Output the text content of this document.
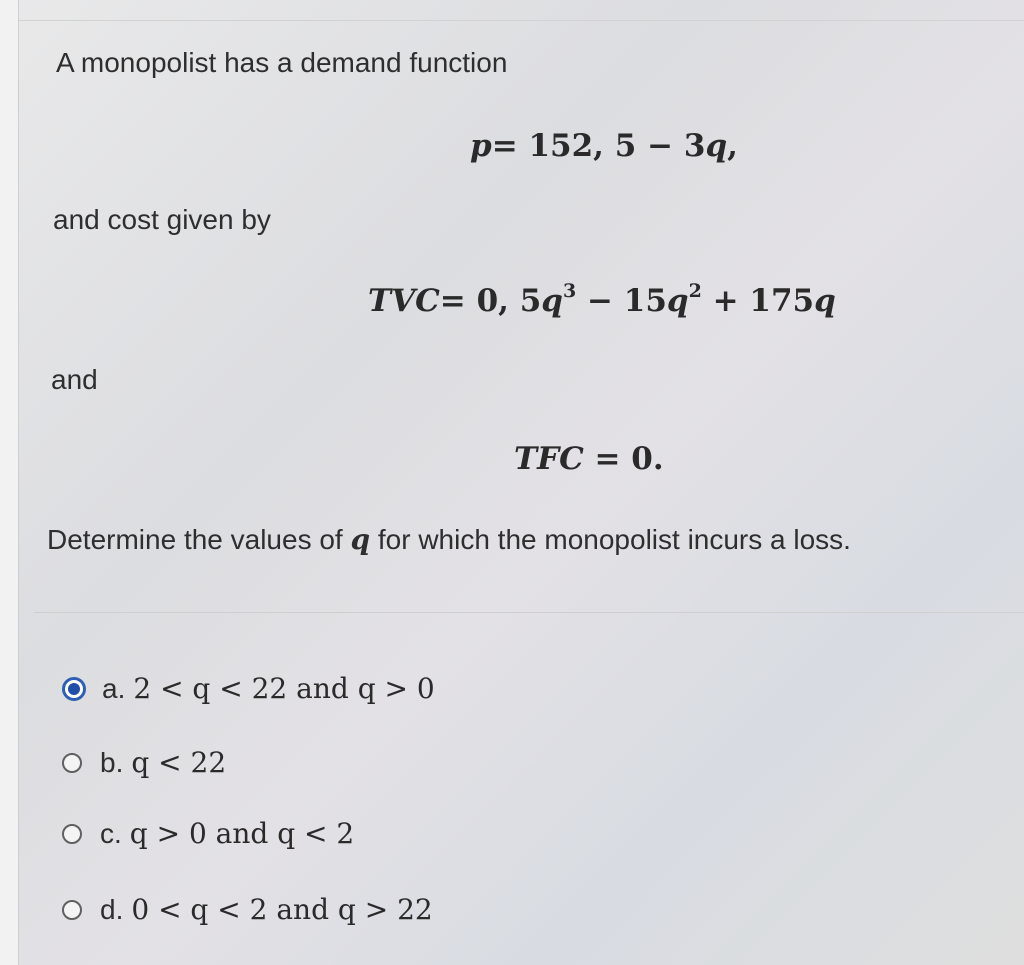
A monopolist has a demand function
p= 152, 5 − 3q,
and cost given by
TVC= 0, $5q^3 - 15q^2 + 175q$
and
TFC = 0.
Determine the values of q for which the monopolist incurs a loss.
a. 2 < q < 22 and q > 0
b. q < 22
c. q > 0 and q < 2
d. 0 < q < 2 and q > 22
